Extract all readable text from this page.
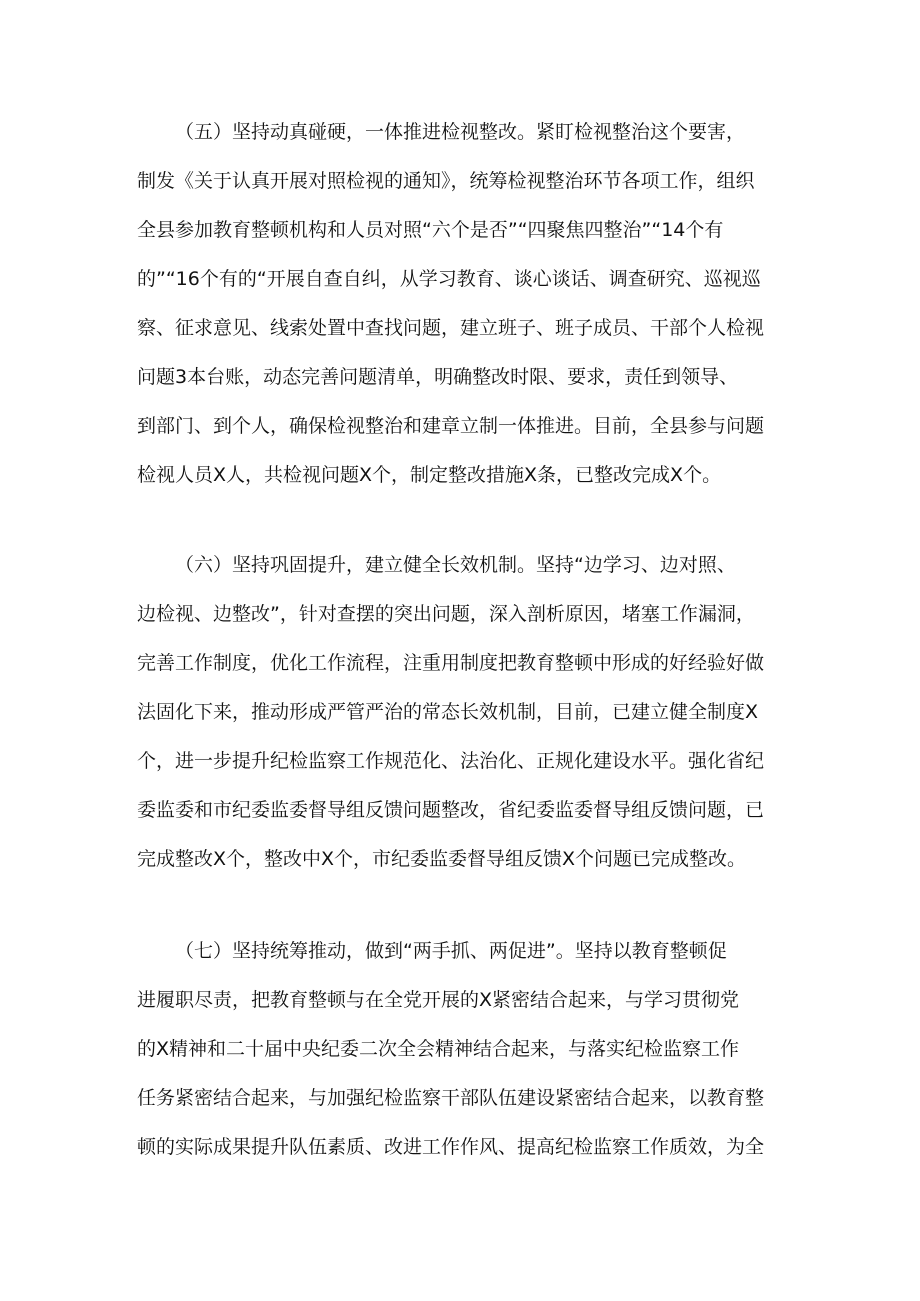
（五）坚持动真碰硬，一体推进检视整改。紧盯检视整治这个要害，
制发《关于认真开展对照检视的通知》，统筹检视整治环节各项工作，组织
全县参加教育整顿机构和人员对照“六个是否”“四聚焦四整治”“14个有
的”“16个有的“开展自查自纠，从学习教育、谈心谈话、调查研究、巡视巡
察、征求意见、线索处置中查找问题，建立班子、班子成员、干部个人检视
问题3本台账，动态完善问题清单，明确整改时限、要求，责任到领导、
到部门、到个人，确保检视整治和建章立制一体推进。目前，全县参与问题
检视人员X人，共检视问题X个，制定整改措施X条，已整改完成X个。
（六）坚持巩固提升，建立健全长效机制。坚持“边学习、边对照、
边检视、边整改”，针对查摆的突出问题，深入剖析原因，堵塞工作漏洞，
完善工作制度，优化工作流程，注重用制度把教育整顿中形成的好经验好做
法固化下来，推动形成严管严治的常态长效机制，目前，已建立健全制度X
个，进一步提升纪检监察工作规范化、法治化、正规化建设水平。强化省纪
委监委和市纪委监委督导组反馈问题整改，省纪委监委督导组反馈问题，已
完成整改X个，整改中X个，市纪委监委督导组反馈X个问题已完成整改。
（七）坚持统筹推动，做到“两手抓、两促进”。坚持以教育整顿促
进履职尽责，把教育整顿与在全党开展的X紧密结合起来，与学习贯彻党
的X精神和二十届中央纪委二次全会精神结合起来，与落实纪检监察工作
任务紧密结合起来，与加强纪检监察干部队伍建设紧密结合起来，以教育整
顿的实际成果提升队伍素质、改进工作作风、提高纪检监察工作质效，为全
